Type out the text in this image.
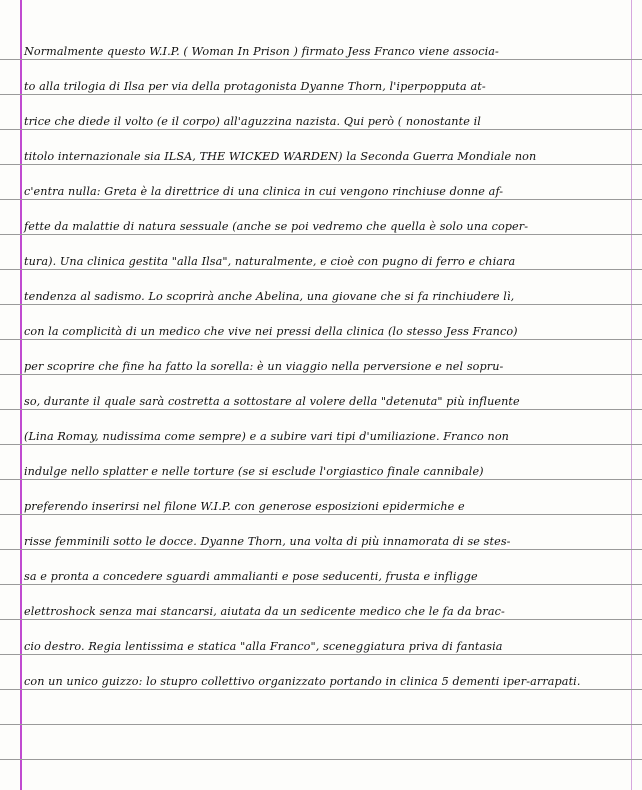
Normalmente questo W.I.P. ( Woman In Prison ) firmato Jess Franco viene associa-
to alla trilogia di Ilsa per via della protagonista Dyanne Thorn, l'iperpopputa at-
trice che diede il volto (e il corpo) all'aguzzina nazista. Qui però ( nonostante il
titolo internazionale sia ILSA, THE WICKED WARDEN) la Seconda Guerra Mondiale non
c'entra nulla: Greta è la direttrice di una clinica in cui vengono rinchiuse donne af-
fette da malattie di natura sessuale (anche se poi vedremo che quella è solo una coper-
tura). Una clinica gestita "alla Ilsa", naturalmente, e cioè con pugno di ferro e chiara
tendenza al sadismo. Lo scoprirà anche Abelina, una giovane che si fa rinchiudere lì,
con la complicità di un medico che vive nei pressi della clinica (lo stesso Jess Franco)
per scoprire che fine ha fatto la sorella: è un viaggio nella perversione e nel sopru-
so, durante il quale sarà costretta a sottostare al volere della "detenuta" più influente
(Lina Romay, nudissima come sempre) e a subire vari tipi d'umiliazione. Franco non
indulge nello splatter e nelle torture (se si esclude l'orgiastico finale cannibale)
preferendo inserirsi nel filone W.I.P. con generose esposizioni epidermiche e
risse femminili sotto le docce. Dyanne Thorn, una volta di più innamorata di se stes-
sa e pronta a concedere sguardi ammalianti e pose seducenti, frusta e infligge
elettroshock senza mai stancarsi, aiutata da un sedicente medico che le fa da brac-
cio destro. Regia lentissima e statica "alla Franco", sceneggiatura priva di fantasia
con un unico guizzo: lo stupro collettivo organizzato portando in clinica 5 dementi iper-arrapati.
